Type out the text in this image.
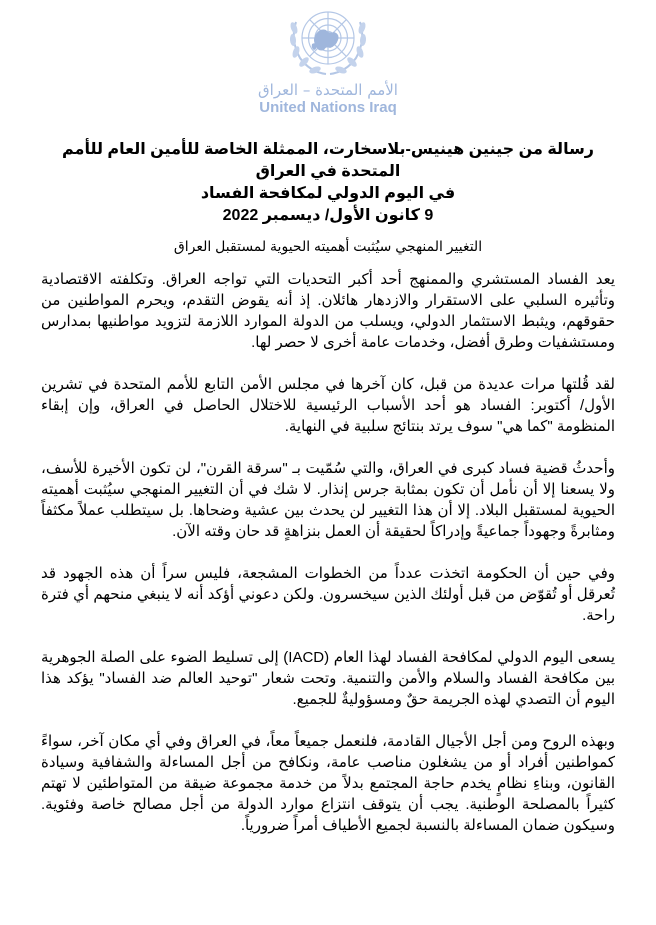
الأمم المتحدة – العراق
United Nations Iraq
رسالة من جينين هينيس-بلاسخارت، الممثلة الخاصة للأمين العام للأمم المتحدة في العراق
في اليوم الدولي لمكافحة الفساد
9 كانون الأول/ ديسمبر 2022
التغيير المنهجي سيُثبت أهميته الحيوية لمستقبل العراق

يعد الفساد المستشري والممنهج أحد أكبر التحديات التي تواجه العراق. وتكلفته الاقتصادية وتأثيره السلبي على الاستقرار والازدهار هائلان. إذ أنه يقوض التقدم، ويحرم المواطنين من حقوقهم، ويثبط الاستثمار الدولي، ويسلب من الدولة الموارد اللازمة لتزويد مواطنيها بمدارس ومستشفيات وطرق أفضل، وخدمات عامة أخرى لا حصر لها.

لقد قُلتها مرات عديدة من قبل، كان آخرها في مجلس الأمن التابع للأمم المتحدة في تشرين الأول/ أكتوبر: الفساد هو أحد الأسباب الرئيسية للاختلال الحاصل في العراق، وإن إبقاء المنظومة "كما هي" سوف يرتد بنتائج سلبية في النهاية.

وأحدثُ قضية فساد كبرى في العراق، والتي سُمّيت بـ "سرقة القرن"، لن تكون الأخيرة للأسف، ولا يسعنا إلا أن نأمل أن تكون بمثابة جرس إنذار. لا شك في أن التغيير المنهجي سيُثبت أهميته الحيوية لمستقبل البلاد. إلا أن هذا التغيير لن يحدث بين عشية وضحاها. بل سيتطلب عملاً مكثفاً ومثابرةً وجهوداً جماعيةً وإدراكاً لحقيقة أن العمل بنزاهةٍ قد حان وقته الآن.

وفي حين أن الحكومة اتخذت عدداً من الخطوات المشجعة، فليس سراً أن هذه الجهود قد تُعرقل أو تُقوّض من قبل أولئك الذين سيخسرون. ولكن دعوني أؤكد أنه لا ينبغي منحهم أي فترة راحة.

يسعى اليوم الدولي لمكافحة الفساد لهذا العام (IACD) إلى تسليط الضوء على الصلة الجوهرية بين مكافحة الفساد والسلام والأمن والتنمية. وتحت شعار "توحيد العالم ضد الفساد" يؤكد هذا اليوم أن التصدي لهذه الجريمة حقٌ ومسؤوليةٌ للجميع.

وبهذه الروح ومن أجل الأجيال القادمة، فلنعمل جميعاً معاً، في العراق وفي أي مكان آخر، سواءً كمواطنين أفراد أو من يشغلون مناصب عامة، ونكافح من أجل المساءلة والشفافية وسيادة القانون، وبناءِ نظامٍ يخدم حاجة المجتمع بدلاً من خدمة مجموعة ضيقة من المتواطئين لا تهتم كثيراً بالمصلحة الوطنية. يجب أن يتوقف انتزاع موارد الدولة من أجل مصالح خاصة وفئوية. وسيكون ضمان المساءلة بالنسبة لجميع الأطياف أمراً ضرورياً.
